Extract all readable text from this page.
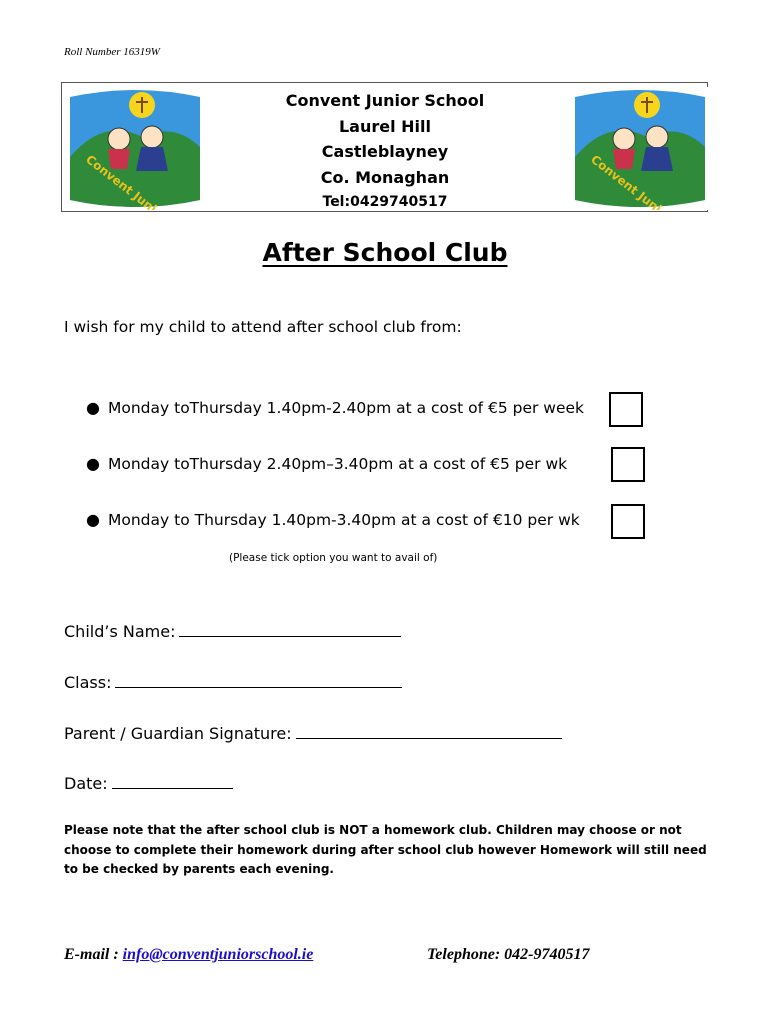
Roll Number 16319W
Convent Junior
Convent Junior
Convent Junior School
Laurel Hill
Castleblayney
Co. Monaghan
Tel:0429740517
After School Club
I wish for my child to attend after school club from:
● Monday toThursday 1.40pm-2.40pm at a cost of €5 per week
● Monday toThursday 2.40pm–3.40pm at a cost of €5 per wk
● Monday to Thursday 1.40pm-3.40pm at a cost of €10 per wk
(Please tick option you want to avail of)
Child’s Name:
Class:
Parent / Guardian Signature:
Date:
Please note that the after school club is NOT a homework club. Children may choose or not choose to complete their homework during after school club however Homework will still need to be checked by parents each evening.
E-mail : info@conventjuniorschool.ie	Telephone: 042-9740517
